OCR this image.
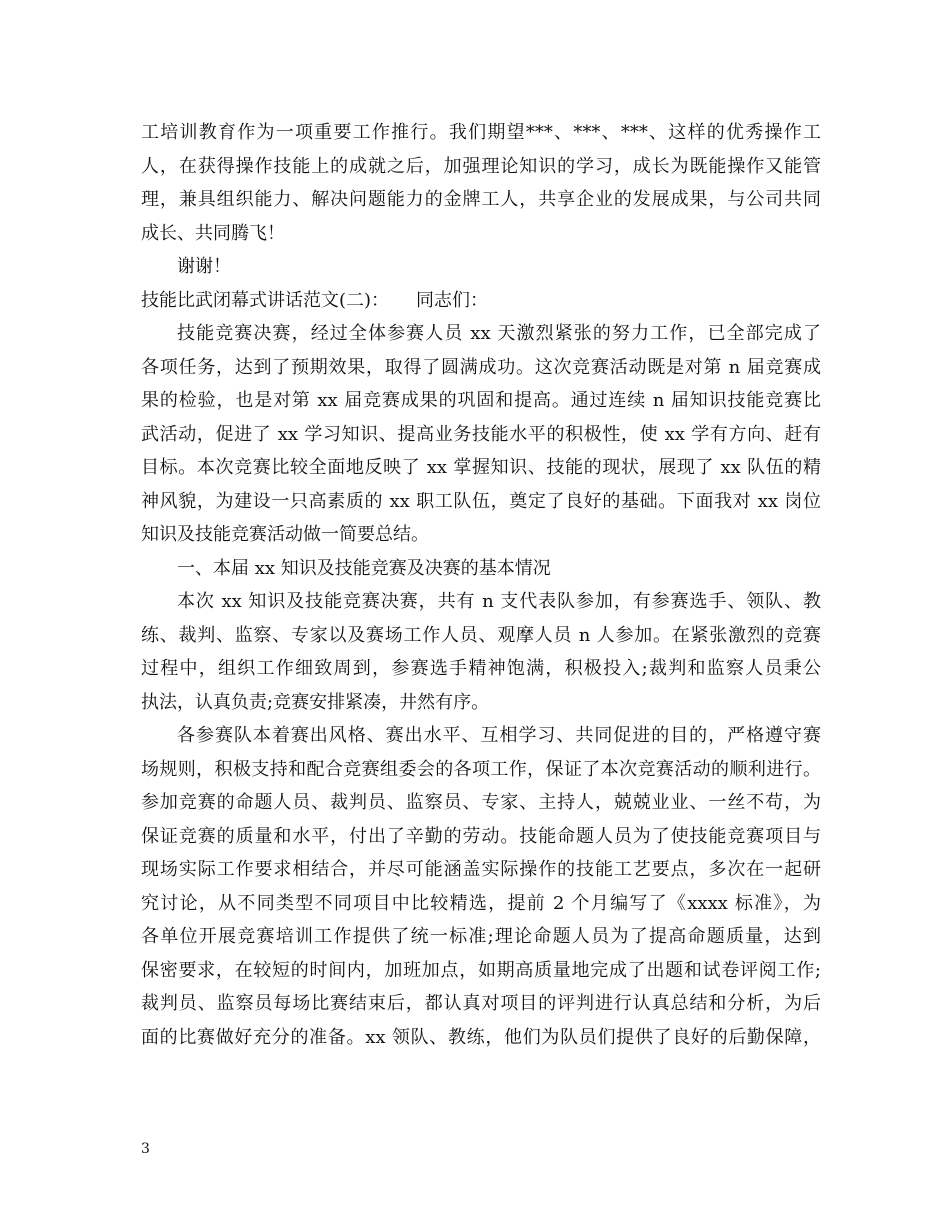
工培训教育作为一项重要工作推行。我们期望***、***、***、这样的优秀操作工
人，在获得操作技能上的成就之后，加强理论知识的学习，成长为既能操作又能管
理，兼具组织能力、解决问题能力的金牌工人，共享企业的发展成果，与公司共同
成长、共同腾飞！
谢谢！
技能比武闭幕式讲话范文(二)：　　同志们：
技能竞赛决赛，经过全体参赛人员 xx 天激烈紧张的努力工作，已全部完成了
各项任务，达到了预期效果，取得了圆满成功。这次竞赛活动既是对第 n 届竞赛成
果的检验，也是对第 xx 届竞赛成果的巩固和提高。通过连续 n 届知识技能竞赛比
武活动，促进了 xx 学习知识、提高业务技能水平的积极性，使 xx 学有方向、赶有
目标。本次竞赛比较全面地反映了 xx 掌握知识、技能的现状，展现了 xx 队伍的精
神风貌，为建设一只高素质的 xx 职工队伍，奠定了良好的基础。下面我对 xx 岗位
知识及技能竞赛活动做一简要总结。
一、本届 xx 知识及技能竞赛及决赛的基本情况
本次 xx 知识及技能竞赛决赛，共有 n 支代表队参加，有参赛选手、领队、教
练、裁判、监察、专家以及赛场工作人员、观摩人员 n 人参加。在紧张激烈的竞赛
过程中，组织工作细致周到，参赛选手精神饱满，积极投入;裁判和监察人员秉公
执法，认真负责;竞赛安排紧凑，井然有序。
各参赛队本着赛出风格、赛出水平、互相学习、共同促进的目的，严格遵守赛
场规则，积极支持和配合竞赛组委会的各项工作，保证了本次竞赛活动的顺利进行。
参加竞赛的命题人员、裁判员、监察员、专家、主持人，兢兢业业、一丝不苟，为
保证竞赛的质量和水平，付出了辛勤的劳动。技能命题人员为了使技能竞赛项目与
现场实际工作要求相结合，并尽可能涵盖实际操作的技能工艺要点，多次在一起研
究讨论，从不同类型不同项目中比较精选，提前 2 个月编写了《xxxx 标准》，为
各单位开展竞赛培训工作提供了统一标准;理论命题人员为了提高命题质量，达到
保密要求，在较短的时间内，加班加点，如期高质量地完成了出题和试卷评阅工作;
裁判员、监察员每场比赛结束后，都认真对项目的评判进行认真总结和分析，为后
面的比赛做好充分的准备。xx 领队、教练，他们为队员们提供了良好的后勤保障，
3
